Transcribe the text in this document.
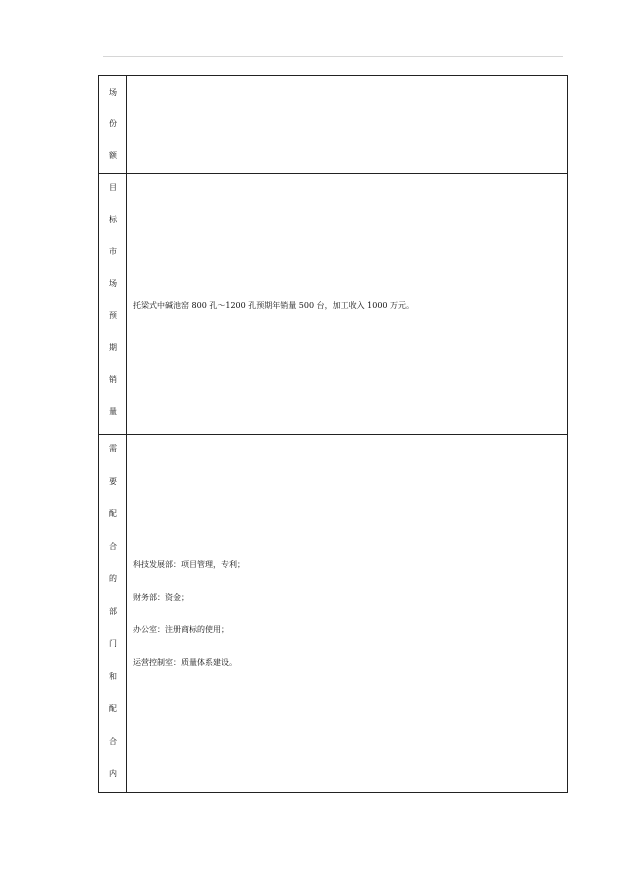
场
份
额
目
标
市
场
预
期
销
量
托梁式中碱池窑 800 孔～1200 孔预期年销量 500 台，加工收入 1000 万元。
需
要
配
合
的
部
门
和
配
合
内
科技发展部：项目管理，专利；
财务部：资金；
办公室：注册商标的使用；
运营控制室：质量体系建设。
